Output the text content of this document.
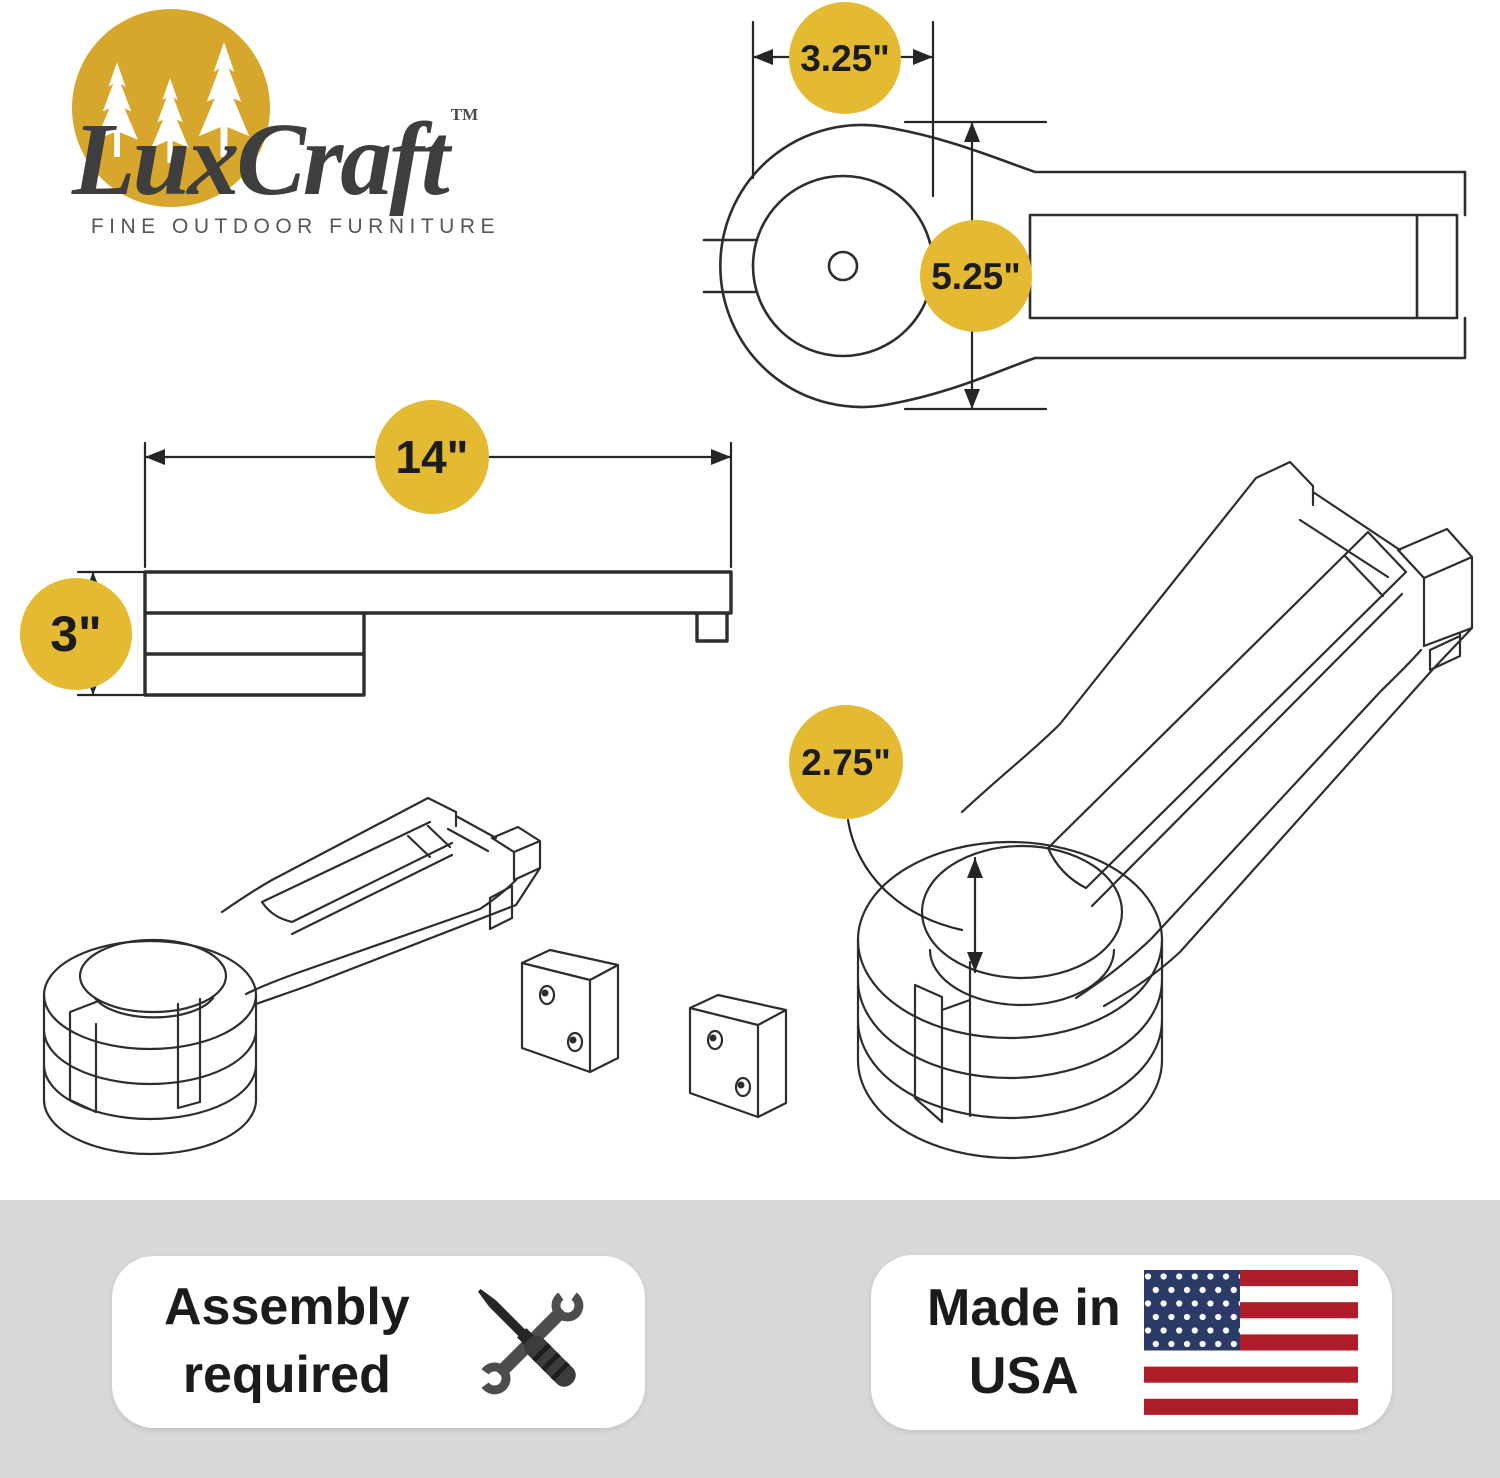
3.25"
5.25"
14"
3"
2.75"
LuxCraft ™
FINE OUTDOOR FURNITURE
Assembly
required
Made in
USA
